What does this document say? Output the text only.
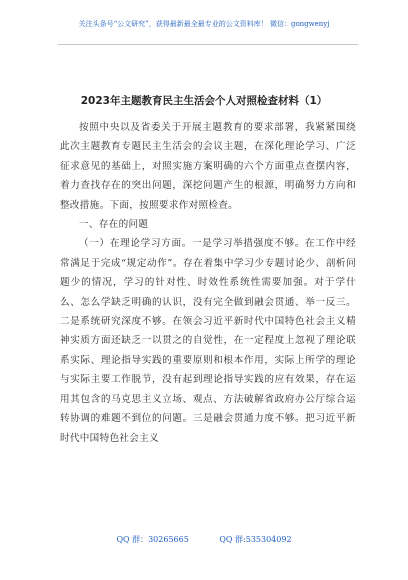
关注头条号“公文研究”，获得最新最全最专业的公文资料库！ 微信：gongwenyj
2023年主题教育民主生活会个人对照检查材料（1）

按照中央以及省委关于开展主题教育的要求部署，我紧紧围绕此次主题教育专题民主生活会的会议主题，在深化理论学习、广泛征求意见的基础上，对照实施方案明确的六个方面重点查摆内容，着力查找存在的突出问题，深挖问题产生的根源，明确努力方向和整改措施。下面，按照要求作对照检查。

一、存在的问题

（一）在理论学习方面。一是学习举措强度不够。在工作中经常满足于完成“规定动作”。存在着集中学习少专题讨论少、剖析问题少的情况，学习的针对性、时效性系统性需要加强。对于学什么、怎么学缺乏明确的认识，没有完全做到融会贯通、举一反三。二是系统研究深度不够。在领会习近平新时代中国特色社会主义精神实质方面还缺乏一以贯之的自觉性，在一定程度上忽视了理论联系实际、理论指导实践的重要原则和根本作用，实际上所学的理论与实际主要工作脱节，没有起到理论指导实践的应有效果，存在运用其包含的马克思主义立场、观点、方法破解省政府办公厅综合运转协调的难题不到位的问题。三是融会贯通力度不够。把习近平新时代中国特色社会主义

QQ 群：30265665	QQ 群:535304092
